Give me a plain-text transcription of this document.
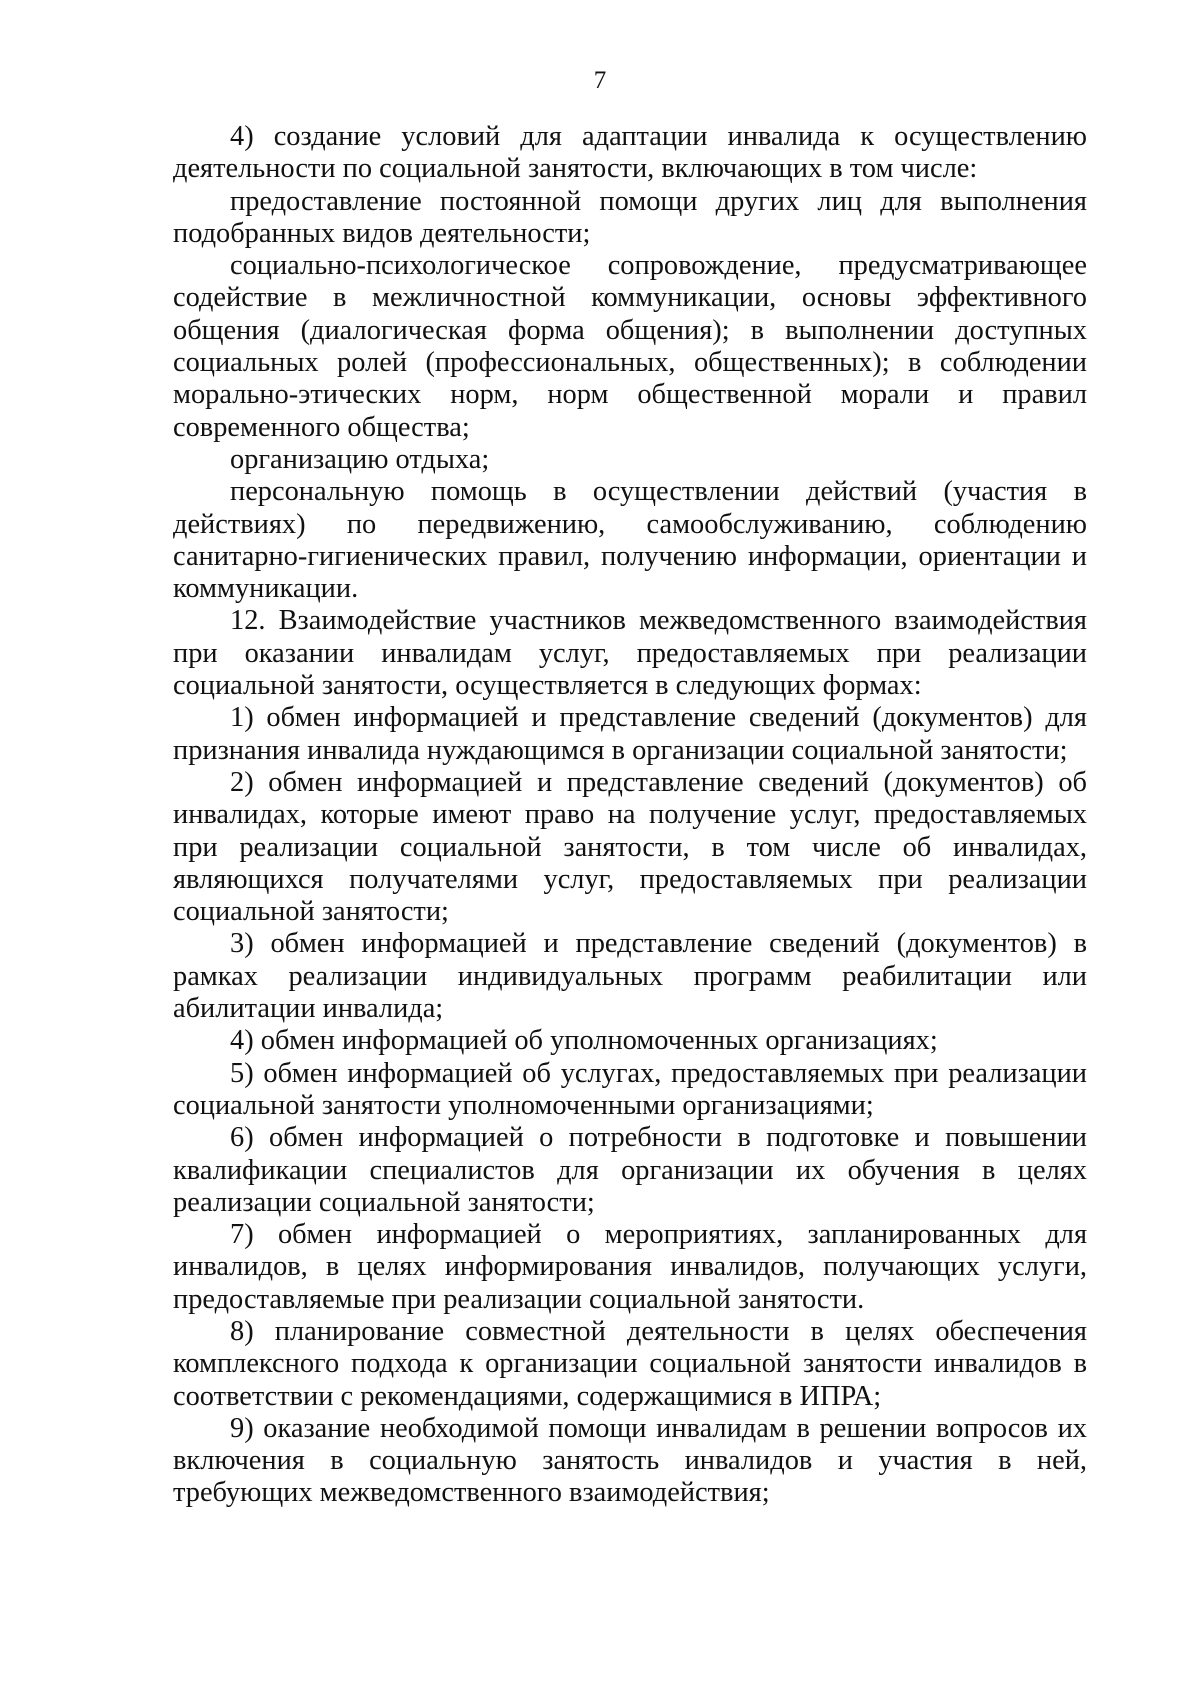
7

4) создание условий для адаптации инвалида к осуществлению деятельности по социальной занятости, включающих в том числе:

предоставление постоянной помощи других лиц для выполнения подобранных видов деятельности;

социально-психологическое сопровождение, предусматривающее содействие в межличностной коммуникации, основы эффективного общения (диалогическая форма общения); в выполнении доступных социальных ролей (профессиональных, общественных); в соблюдении морально-этических норм, норм общественной морали и правил современного общества;

организацию отдыха;

персональную помощь в осуществлении действий (участия в действиях) по передвижению, самообслуживанию, соблюдению санитарно-гигиенических правил, получению информации, ориентации и коммуникации.

12. Взаимодействие участников межведомственного взаимодействия при оказании инвалидам услуг, предоставляемых при реализации социальной занятости, осуществляется в следующих формах:

1) обмен информацией и представление сведений (документов) для признания инвалида нуждающимся в организации социальной занятости;

2) обмен информацией и представление сведений (документов) об инвалидах, которые имеют право на получение услуг, предоставляемых при реализации социальной занятости, в том числе об инвалидах, являющихся получателями услуг, предоставляемых при реализации социальной занятости;

3) обмен информацией и представление сведений (документов) в рамках реализации индивидуальных программ реабилитации или абилитации инвалида;

4) обмен информацией об уполномоченных организациях;

5) обмен информацией об услугах, предоставляемых при реализации социальной занятости уполномоченными организациями;

6) обмен информацией о потребности в подготовке и повышении квалификации специалистов для организации их обучения в целях реализации социальной занятости;

7) обмен информацией о мероприятиях, запланированных для инвалидов, в целях информирования инвалидов, получающих услуги, предоставляемые при реализации социальной занятости.

8) планирование совместной деятельности в целях обеспечения комплексного подхода к организации социальной занятости инвалидов в соответствии с рекомендациями, содержащимися в ИПРА;

9) оказание необходимой помощи инвалидам в решении вопросов их включения в социальную занятость инвалидов и участия в ней, требующих межведомственного взаимодействия;
